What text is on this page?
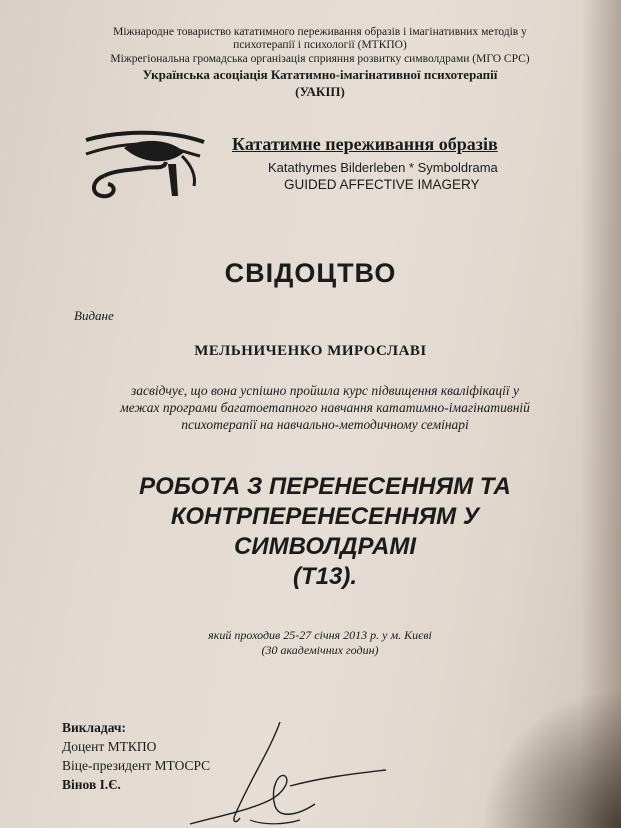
Міжнародне товариство кататимного переживання образів і імагінативних методів у
психотерапії і психології (МТКПО)
Міжрегіональна громадська організація сприяння розвитку символдрами (МГО СРС)
Українська асоціація Кататимно-імагінативної психотерапії
(УАКІП)
Кататимне переживання образів
Katathymes Bilderleben * Symboldrama
GUIDED AFFECTIVE IMAGERY
СВІДОЦТВО
Видане
МЕЛЬНИЧЕНКО МИРОСЛАВІ
засвідчує, що вона успішно пройшла курс підвищення кваліфікації у
межах програми багатоетапного навчання кататимно-імагінативній
психотерапії на навчально-методичному семінарі
РОБОТА З ПЕРЕНЕСЕННЯМ ТА
КОНТРПЕРЕНЕСЕННЯМ У
СИМВОЛДРАМІ
(Т13).
який проходив 25-27 січня 2013 р. у м. Києві
(30 академічних годин)
Викладач:
Доцент МТКПО
Віце-президент МТОСРС
Вінов І.Є.
